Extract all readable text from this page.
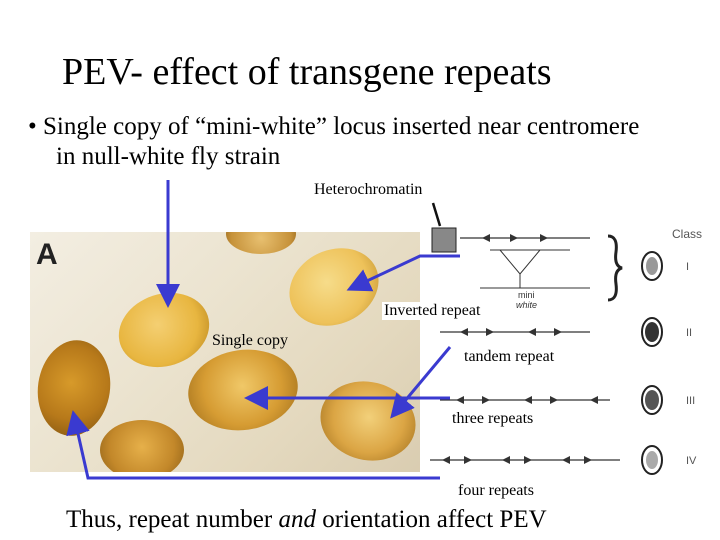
PEV- effect of transgene repeats
• Single copy of “mini-white” locus inserted near centromere
in null-white fly strain
A
mini
white
Class
I
II
III
IV
Heterochromatin
Inverted repeat
Single copy
tandem repeat
three repeats
four repeats
Thus, repeat number and orientation affect PEV
